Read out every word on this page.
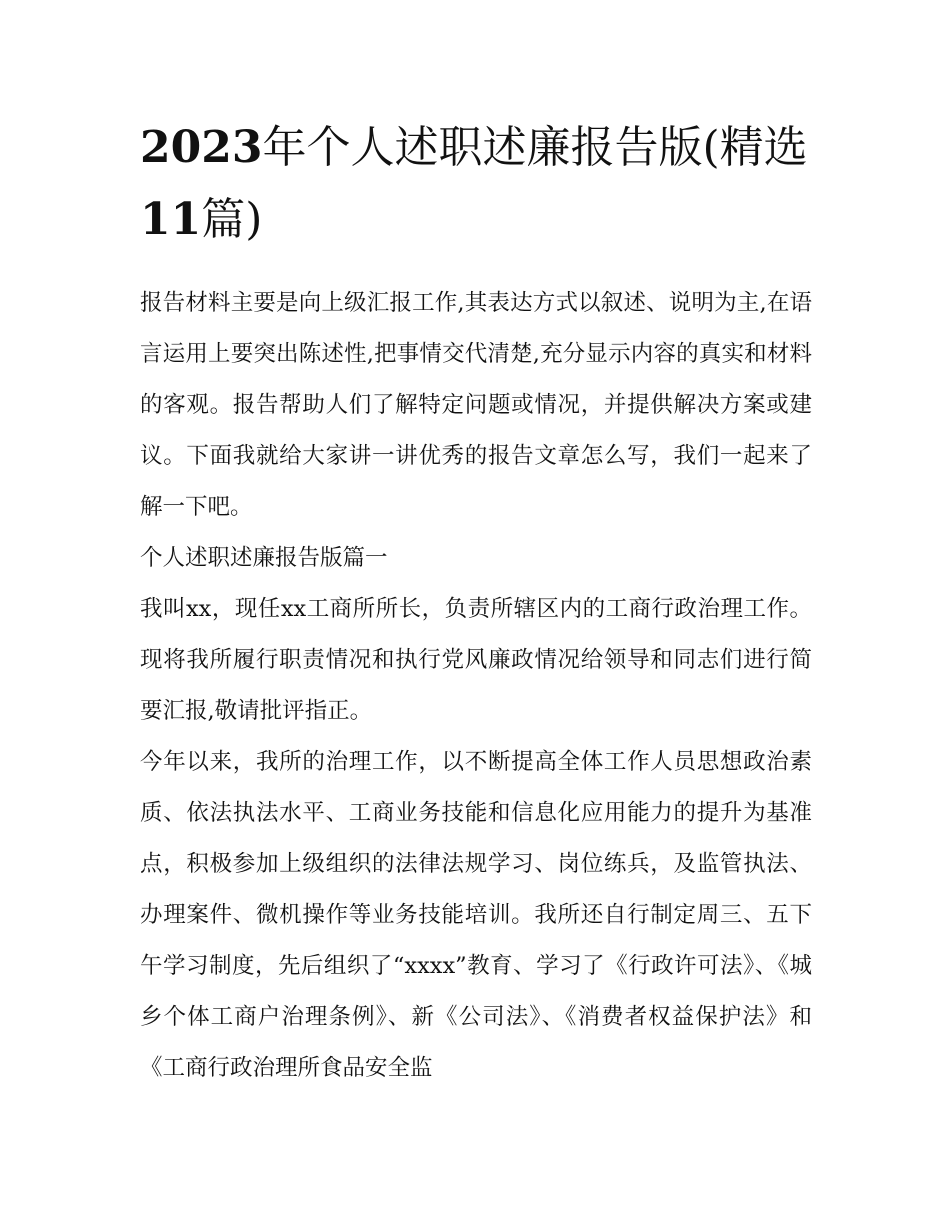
2023年个人述职述廉报告版(精选11篇)

报告材料主要是向上级汇报工作,其表达方式以叙述、说明为主,在语言运用上要突出陈述性,把事情交代清楚,充分显示内容的真实和材料的客观。报告帮助人们了解特定问题或情况，并提供解决方案或建议。下面我就给大家讲一讲优秀的报告文章怎么写，我们一起来了解一下吧。

个人述职述廉报告版篇一

我叫xx，现任xx工商所所长，负责所辖区内的工商行政治理工作。现将我所履行职责情况和执行党风廉政情况给领导和同志们进行简要汇报,敬请批评指正。

今年以来，我所的治理工作，以不断提高全体工作人员思想政治素质、依法执法水平、工商业务技能和信息化应用能力的提升为基准点，积极参加上级组织的法律法规学习、岗位练兵，及监管执法、办理案件、微机操作等业务技能培训。我所还自行制定周三、五下午学习制度，先后组织了“xxxx”教育、学习了《行政许可法》、《城乡个体工商户治理条例》、新《公司法》、《消费者权益保护法》和《工商行政治理所食品安全监
